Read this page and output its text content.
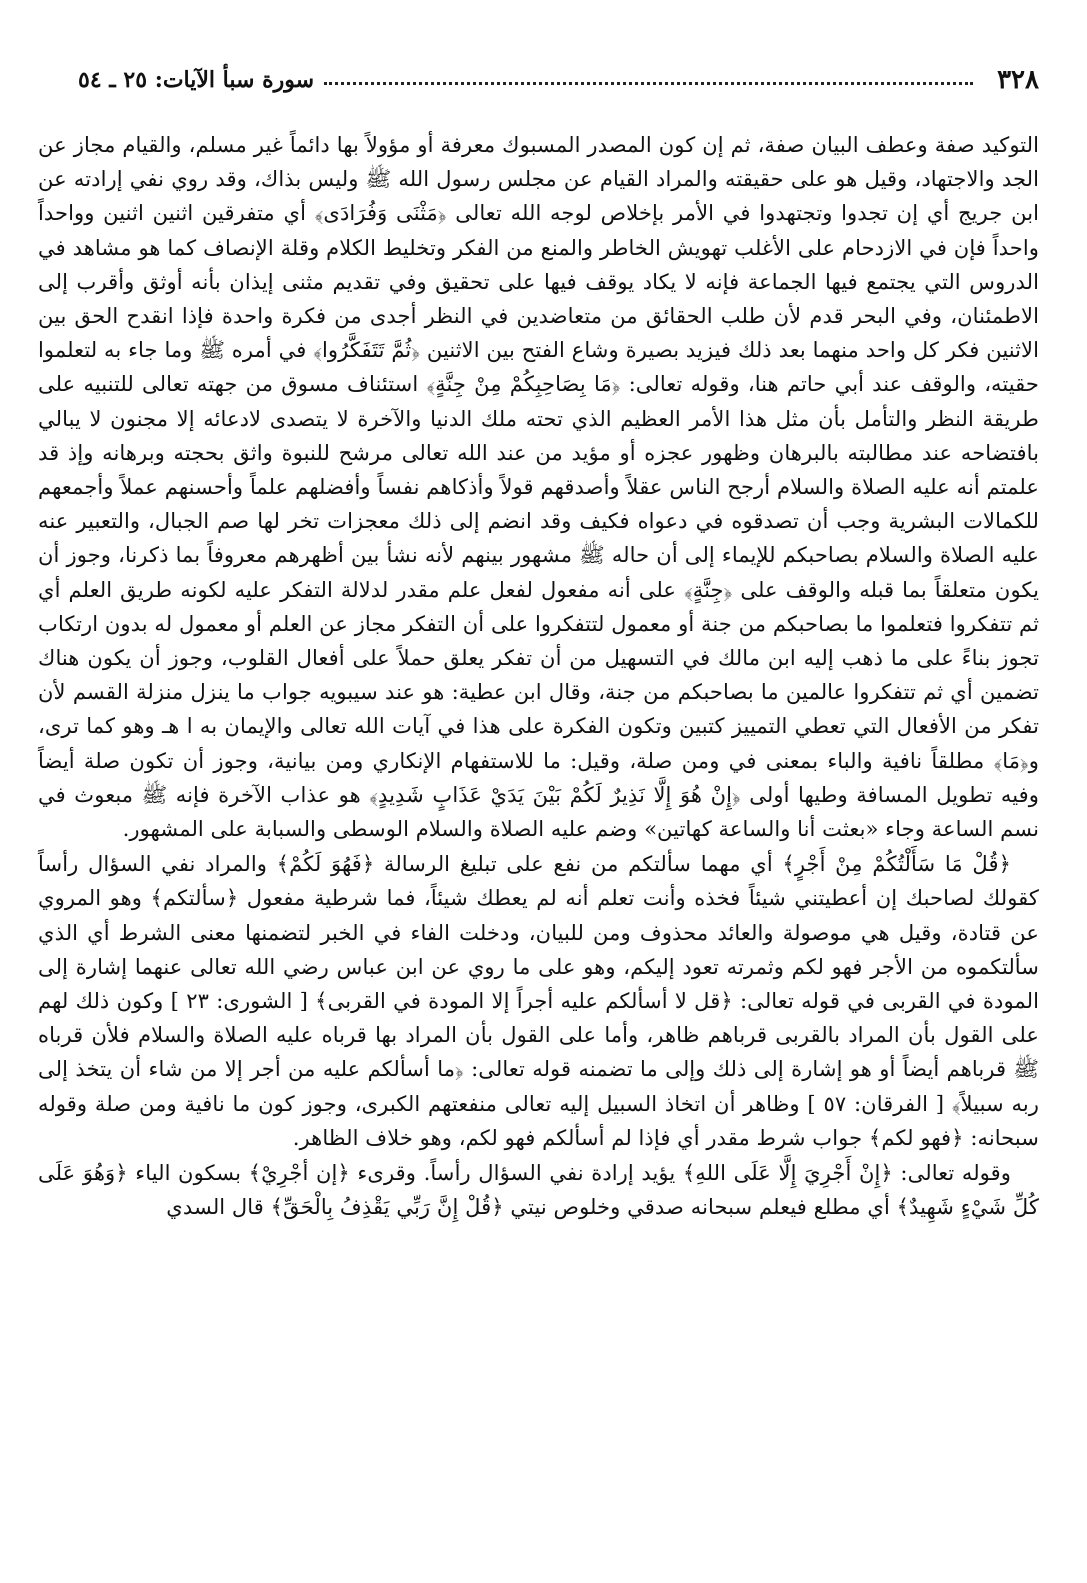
٣٢٨
سورة سبأ الآيات: ٢٥ ـ ٥٤

التوكيد صفة وعطف البيان صفة، ثم إن كون المصدر المسبوك معرفة أو مؤولاً بها دائماً غير مسلم، والقيام مجاز عن الجد والاجتهاد، وقيل هو على حقيقته والمراد القيام عن مجلس رسول الله ﷺ وليس بذاك، وقد روي نفي إرادته عن ابن جريج أي إن تجدوا وتجتهدوا في الأمر بإخلاص لوجه الله تعالى ﴿مَثْنَى وَفُرَادَى﴾ أي متفرقين اثنين اثنين وواحداً واحداً فإن في الازدحام على الأغلب تهويش الخاطر والمنع من الفكر وتخليط الكلام وقلة الإنصاف كما هو مشاهد في الدروس التي يجتمع فيها الجماعة فإنه لا يكاد يوقف فيها على تحقيق وفي تقديم مثنى إيذان بأنه أوثق وأقرب إلى الاطمئنان، وفي البحر قدم لأن طلب الحقائق من متعاضدين في النظر أجدى من فكرة واحدة فإذا انقدح الحق بين الاثنين فكر كل واحد منهما بعد ذلك فيزيد بصيرة وشاع الفتح بين الاثنين ﴿ثُمَّ تَتَفَكَّرُوا﴾ في أمره ﷺ وما جاء به لتعلموا حقيته، والوقف عند أبي حاتم هنا، وقوله تعالى: ﴿مَا بِصَاحِبِكُمْ مِنْ جِنَّةٍ﴾ استئناف مسوق من جهته تعالى للتنبيه على طريقة النظر والتأمل بأن مثل هذا الأمر العظيم الذي تحته ملك الدنيا والآخرة لا يتصدى لادعائه إلا مجنون لا يبالي بافتضاحه عند مطالبته بالبرهان وظهور عجزه أو مؤيد من عند الله تعالى مرشح للنبوة واثق بحجته وبرهانه وإذ قد علمتم أنه عليه الصلاة والسلام أرجح الناس عقلاً وأصدقهم قولاً وأذكاهم نفساً وأفضلهم علماً وأحسنهم عملاً وأجمعهم للكمالات البشرية وجب أن تصدقوه في دعواه فكيف وقد انضم إلى ذلك معجزات تخر لها صم الجبال، والتعبير عنه عليه الصلاة والسلام بصاحبكم للإيماء إلى أن حاله ﷺ مشهور بينهم لأنه نشأ بين أظهرهم معروفاً بما ذكرنا، وجوز أن يكون متعلقاً بما قبله والوقف على ﴿جِنَّةٍ﴾ على أنه مفعول لفعل علم مقدر لدلالة التفكر عليه لكونه طريق العلم أي ثم تتفكروا فتعلموا ما بصاحبكم من جنة أو معمول لتتفكروا على أن التفكر مجاز عن العلم أو معمول له بدون ارتكاب تجوز بناءً على ما ذهب إليه ابن مالك في التسهيل من أن تفكر يعلق حملاً على أفعال القلوب، وجوز أن يكون هناك تضمين أي ثم تتفكروا عالمين ما بصاحبكم من جنة، وقال ابن عطية: هو عند سيبويه جواب ما ينزل منزلة القسم لأن تفكر من الأفعال التي تعطي التمييز كتبين وتكون الفكرة على هذا في آيات الله تعالى والإيمان به ا هـ وهو كما ترى، و﴿مَا﴾ مطلقاً نافية والباء بمعنى في ومن صلة، وقيل: ما للاستفهام الإنكاري ومن بيانية، وجوز أن تكون صلة أيضاً وفيه تطويل المسافة وطيها أولى ﴿إِنْ هُوَ إِلَّا نَذِيرٌ لَكُمْ بَيْنَ يَدَيْ عَذَابٍ شَدِيدٍ﴾ هو عذاب الآخرة فإنه ﷺ مبعوث في نسم الساعة وجاء «بعثت أنا والساعة كهاتين» وضم عليه الصلاة والسلام الوسطى والسبابة على المشهور.

﴿قُلْ مَا سَأَلْتُكُمْ مِنْ أَجْرٍ﴾ أي مهما سألتكم من نفع على تبليغ الرسالة ﴿فَهُوَ لَكُمْ﴾ والمراد نفي السؤال رأساً كقولك لصاحبك إن أعطيتني شيئاً فخذه وأنت تعلم أنه لم يعطك شيئاً، فما شرطية مفعول ﴿سألتكم﴾ وهو المروي عن قتادة، وقيل هي موصولة والعائد محذوف ومن للبيان، ودخلت الفاء في الخبر لتضمنها معنى الشرط أي الذي سألتكموه من الأجر فهو لكم وثمرته تعود إليكم، وهو على ما روي عن ابن عباس رضي الله تعالى عنهما إشارة إلى المودة في القربى في قوله تعالى: ﴿قل لا أسألكم عليه أجراً إلا المودة في القربى﴾ [ الشورى: ٢٣ ] وكون ذلك لهم على القول بأن المراد بالقربى قرباهم ظاهر، وأما على القول بأن المراد بها قرباه عليه الصلاة والسلام فلأن قرباه ﷺ قرباهم أيضاً أو هو إشارة إلى ذلك وإلى ما تضمنه قوله تعالى: ﴿ما أسألكم عليه من أجر إلا من شاء أن يتخذ إلى ربه سبيلاً﴾ [ الفرقان: ٥٧ ] وظاهر أن اتخاذ السبيل إليه تعالى منفعتهم الكبرى، وجوز كون ما نافية ومن صلة وقوله سبحانه: ﴿فهو لكم﴾ جواب شرط مقدر أي فإذا لم أسألكم فهو لكم، وهو خلاف الظاهر.

وقوله تعالى: ﴿إِنْ أَجْرِيَ إِلَّا عَلَى اللهِ﴾ يؤيد إرادة نفي السؤال رأساً. وقرىء ﴿إن أجْرِيْ﴾ بسكون الياء ﴿وَهُوَ عَلَى كُلِّ شَيْءٍ شَهِيدٌ﴾ أي مطلع فيعلم سبحانه صدقي وخلوص نيتي ﴿قُلْ إِنَّ رَبِّي يَقْذِفُ بِالْحَقِّ﴾ قال السدي
